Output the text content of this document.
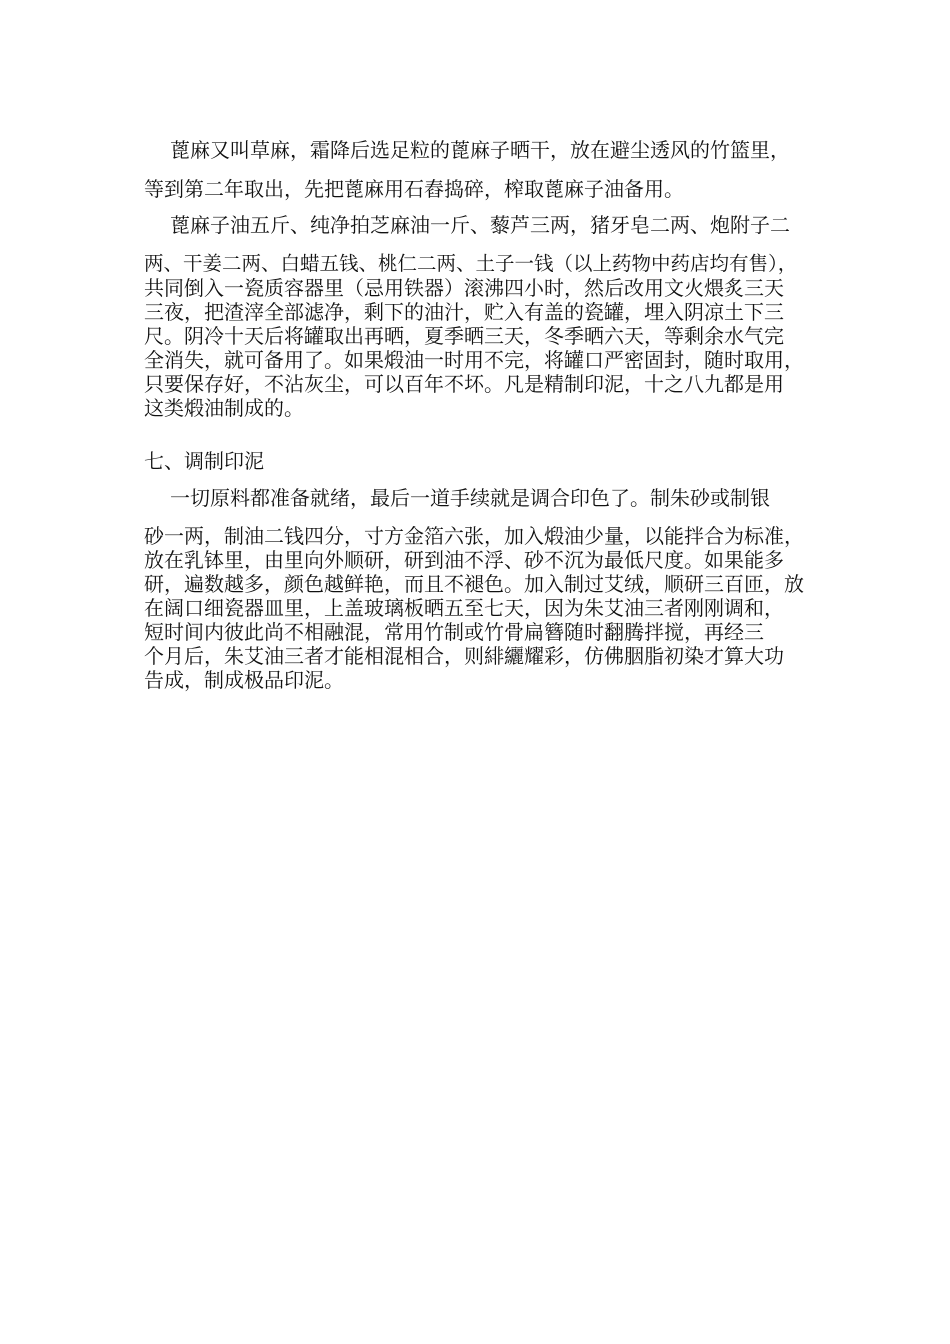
蓖麻又叫草麻，霜降后选足粒的蓖麻子晒干，放在避尘透风的竹篮里，

等到第二年取出，先把蓖麻用石舂捣碎，榨取蓖麻子油备用。

蓖麻子油五斤、纯净拍芝麻油一斤、藜芦三两，猪牙皂二两、炮附子二

两、干姜二两、白蜡五钱、桃仁二两、土子一钱（以上药物中药店均有售），

共同倒入一瓷质容器里（忌用铁器）滚沸四小时，然后改用文火煨炙三天

三夜，把渣滓全部滤净，剩下的油汁，贮入有盖的瓷罐，埋入阴凉土下三

尺。阴冷十天后将罐取出再晒，夏季晒三天，冬季晒六天，等剩余水气完

全消失，就可备用了。如果煅油一时用不完，将罐口严密固封，随时取用，

只要保存好，不沾灰尘，可以百年不坏。凡是精制印泥，十之八九都是用

这类煅油制成的。

七、调制印泥

一切原料都准备就绪，最后一道手续就是调合印色了。制朱砂或制银

砂一两，制油二钱四分，寸方金箔六张，加入煅油少量，以能拌合为标准，

放在乳钵里，由里向外顺研，研到油不浮、砂不沉为最低尺度。如果能多

研，遍数越多，颜色越鲜艳，而且不褪色。加入制过艾绒，顺研三百匝，放

在阔口细瓷器皿里，上盖玻璃板晒五至七天，因为朱艾油三者刚刚调和，

短时间内彼此尚不相融混，常用竹制或竹骨扁簪随时翻腾拌搅，再经三

个月后，朱艾油三者才能相混相合，则緋纚耀彩，仿佛胭脂初染才算大功

告成，制成极品印泥。
